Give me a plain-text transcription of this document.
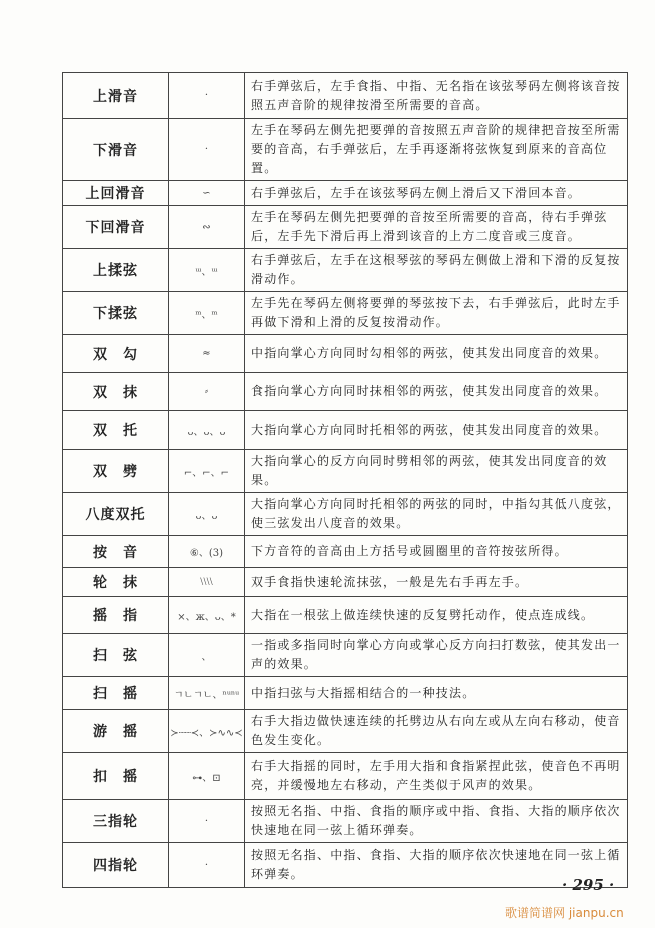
上滑音	·	右手弹弦后，左手食指、中指、无名指在该弦琴码左侧将该音按照五声音阶的规律按滑至所需要的音高。
下滑音	·	左手在琴码左侧先把要弹的音按照五声音阶的规律把音按至所需要的音高，右手弹弦后，左手再逐渐将弦恢复到原来的音高位置。
上回滑音	∽	右手弹弦后，左手在该弦琴码左侧上滑后又下滑回本音。
下回滑音	∾	左手在琴码左侧先把要弹的音按至所需要的音高，待右手弹弦后，左手先下滑后再上滑到该音的上方二度音或三度音。
上揉弦	ᵚ、ᵚ	右手弹弦后，左手在这根琴弦的琴码左侧做上滑和下滑的反复按滑动作。
下揉弦	ᵐ、ᵐ	左手先在琴码左侧将要弹的琴弦按下去，右手弹弦后，此时左手再做下滑和上滑的反复按滑动作。
双　勾	≈	中指向掌心方向同时勾相邻的两弦，使其发出同度音的效果。
双　抹	⸗	食指向掌心方向同时抹相邻的两弦，使其发出同度音的效果。
双　托	ᴗ、ᴗ、ᴗ	大指向掌心方向同时托相邻的两弦，使其发出同度音的效果。
双　劈	⌐、⌐、⌐	大指向掌心的反方向同时劈相邻的两弦，使其发出同度音的效果。
八度双托	ᴗ、ᴗ	大指向掌心方向同时托相邻的两弦的同时，中指勾其低八度弦，使三弦发出八度音的效果。
按　音	⑥、(3)	下方音符的音高由上方括号或圆圈里的音符按弦所得。
轮　抹	⧵⧵⧵⧵	双手食指快速轮流抹弦，一般是先右手再左手。
摇　指	⨯、ж、ᴗ、*	大指在一根弦上做连续快速的反复劈托动作，使点连成线。
扫　弦	、	一指或多指同时向掌心方向或掌心反方向扫打数弦，使其发出一声的效果。
扫　摇	ㄱㄴㄱㄴ、ⁿᵘⁿᵘ	中指扫弦与大指摇相结合的一种技法。
游　摇	≻┈┈≺、≻∿∿≺	右手大指边做快速连续的托劈边从右向左或从左向右移动，使音色发生变化。
扣　摇	⊶、⊡	右手大指摇的同时，左手用大指和食指紧捏此弦，使音色不再明亮，并缓慢地左右移动，产生类似于风声的效果。
三指轮	·	按照无名指、中指、食指的顺序或中指、食指、大指的顺序依次快速地在同一弦上循环弹奏。
四指轮	·	按照无名指、中指、食指、大指的顺序依次快速地在同一弦上循环弹奏。
· 295 ·
歌谱简谱网 jianpu.cn
